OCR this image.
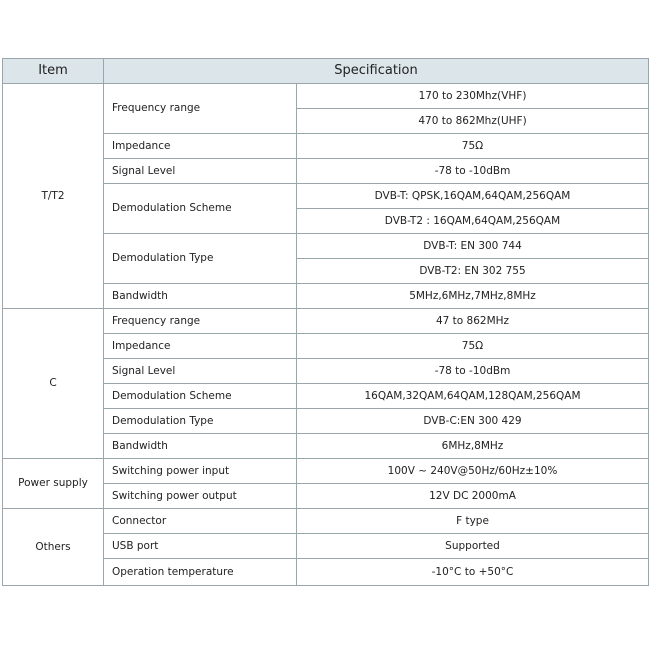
Item	Specification	
T/T2	Frequency range	170 to 230Mhz(VHF)
		470 to 862Mhz(UHF)
	Impedance	75Ω
	Signal Level	-78 to -10dBm
	Demodulation Scheme	DVB-T: QPSK,16QAM,64QAM,256QAM
		DVB-T2 : 16QAM,64QAM,256QAM
	Demodulation Type	DVB-T: EN 300 744
		DVB-T2: EN 302 755
	Bandwidth	5MHz,6MHz,7MHz,8MHz

C	Frequency range	47 to 862MHz
	Impedance	75Ω
	Signal Level	-78 to -10dBm
	Demodulation Scheme	16QAM,32QAM,64QAM,128QAM,256QAM
	Demodulation Type	DVB-C:EN 300 429
	Bandwidth	6MHz,8MHz
Power supply	Switching power input	100V ~ 240V@50Hz/60Hz±10%
	Switching power output	12V DC 2000mA
Others	Connector	F type
	USB port	Supported
	Operation temperature	-10°C to +50°C
